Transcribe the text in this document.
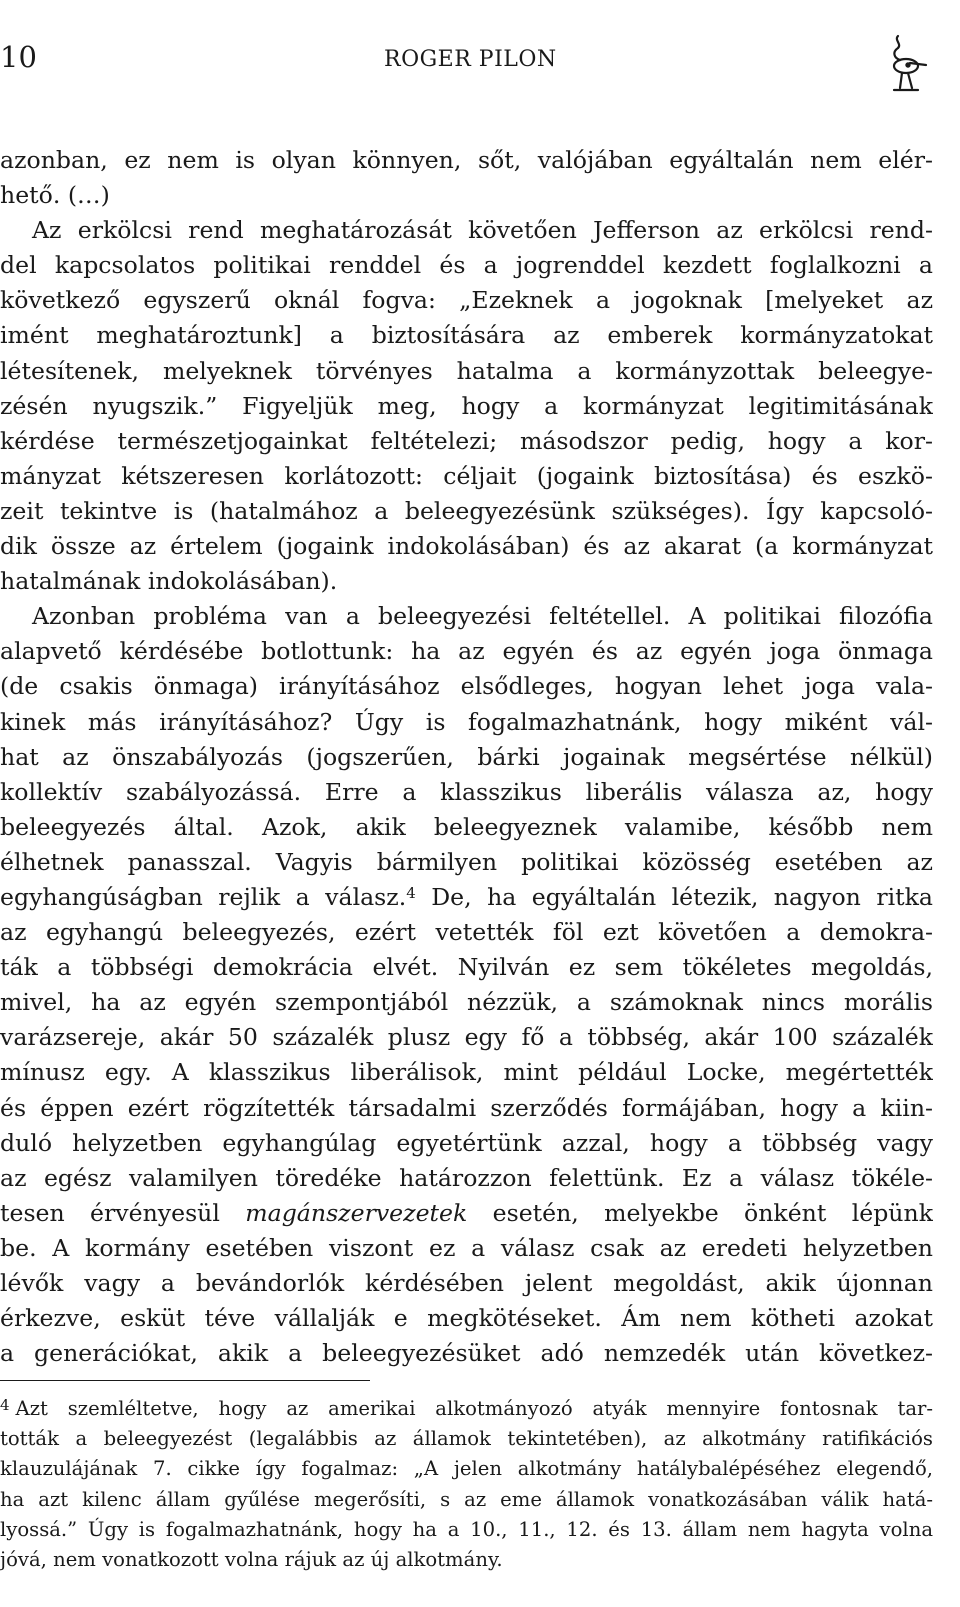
10	ROGER PILON
azonban, ez nem is olyan könnyen, sőt, valójában egyáltalán nem elér-
hető. (…)
Az erkölcsi rend meghatározását követően Jefferson az erkölcsi rend-
del kapcsolatos politikai renddel és a jogrenddel kezdett foglalkozni a
következő egyszerű oknál fogva: „Ezeknek a jogoknak [melyeket az
imént meghatároztunk] a biztosítására az emberek kormányzatokat
létesítenek, melyeknek törvényes hatalma a kormányzottak beleegye-
zésén nyugszik.” Figyeljük meg, hogy a kormányzat legitimitásának
kérdése természetjogainkat feltételezi; másodszor pedig, hogy a kor-
mányzat kétszeresen korlátozott: céljait (jogaink biztosítása) és eszkö-
zeit tekintve is (hatalmához a beleegyezésünk szükséges). Így kapcsoló-
dik össze az értelem (jogaink indokolásában) és az akarat (a kormányzat
hatalmának indokolásában).
Azonban probléma van a beleegyezési feltétellel. A politikai filozófia
alapvető kérdésébe botlottunk: ha az egyén és az egyén joga önmaga
(de csakis önmaga) irányításához elsődleges, hogyan lehet joga vala-
kinek más irányításához? Úgy is fogalmazhatnánk, hogy miként vál-
hat az önszabályozás (jogszerűen, bárki jogainak megsértése nélkül)
kollektív szabályozássá. Erre a klasszikus liberális válasza az, hogy
beleegyezés által. Azok, akik beleegyeznek valamibe, később nem
élhetnek panasszal. Vagyis bármilyen politikai közösség esetében az
egyhangúságban rejlik a válasz.$^4$ De, ha egyáltalán létezik, nagyon ritka
az egyhangú beleegyezés, ezért vetették föl ezt követően a demokra-
ták a többségi demokrácia elvét. Nyilván ez sem tökéletes megoldás,
mivel, ha az egyén szempontjából nézzük, a számoknak nincs morális
varázsereje, akár 50 százalék plusz egy fő a többség, akár 100 százalék
mínusz egy. A klasszikus liberálisok, mint például Locke, megértették
és éppen ezért rögzítették társadalmi szerződés formájában, hogy a kiin-
duló helyzetben egyhangúlag egyetértünk azzal, hogy a többség vagy
az egész valamilyen töredéke határozzon felettünk. Ez a válasz tökéle-
tesen érvényesül magánszervezetek esetén, melyekbe önként lépünk
be. A kormány esetében viszont ez a válasz csak az eredeti helyzetben
lévők vagy a bevándorlók kérdésében jelent megoldást, akik újonnan
érkezve, esküt téve vállalják e megkötéseket. Ám nem kötheti azokat
a generációkat, akik a beleegyezésüket adó nemzedék után következ-
$^4$ Azt szemléltetve, hogy az amerikai alkotmányozó atyák mennyire fontosnak tar-
tották a beleegyezést (legalábbis az államok tekintetében), az alkotmány ratifikációs
klauzulájának 7. cikke így fogalmaz: „A jelen alkotmány hatálybalépéséhez elegendő,
ha azt kilenc állam gyűlése megerősíti, s az eme államok vonatkozásában válik hatá-
lyossá.” Úgy is fogalmazhatnánk, hogy ha a 10., 11., 12. és 13. állam nem hagyta volna
jóvá, nem vonatkozott volna rájuk az új alkotmány.
